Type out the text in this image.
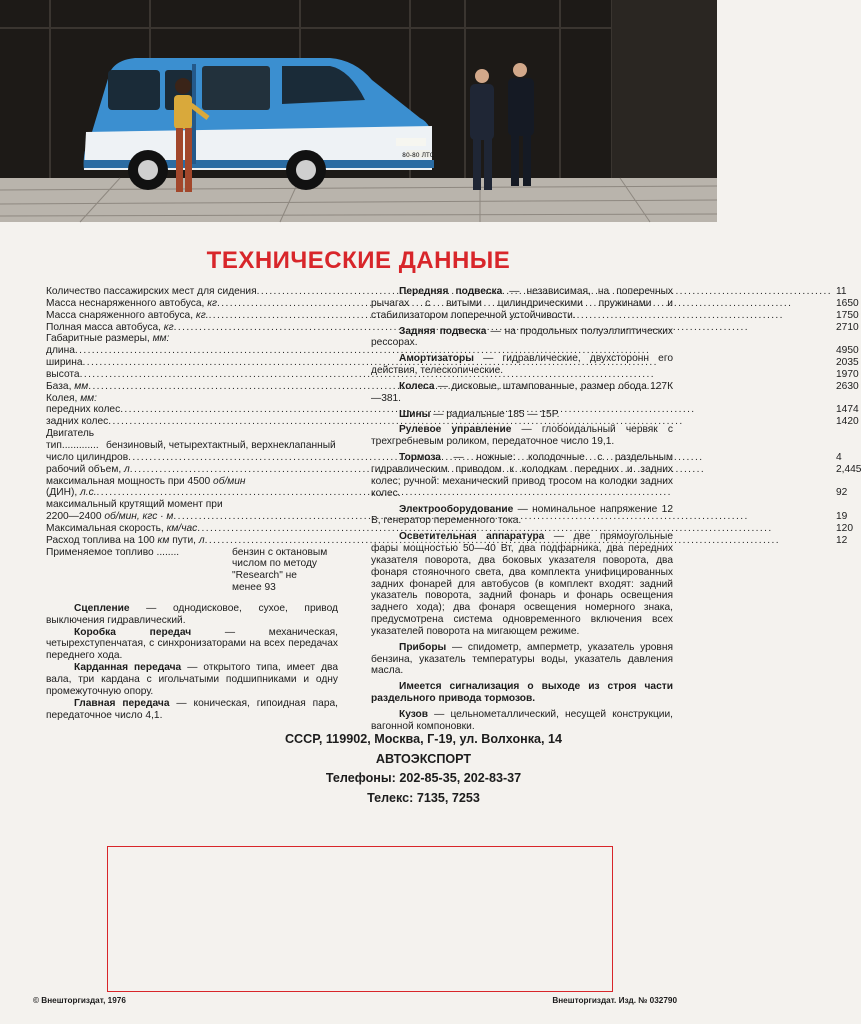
80-80 ЛТС
ТЕХНИЧЕСКИЕ ДАННЫЕ
Количество пассажирских мест для сидения
.....	11

Масса неснаряженного автобуса, кг
.....	1650

Масса снаряженного автобуса, кг.
.....	1750

Полная масса автобуса, кг
.....	2710
Габаритные размеры, мм:	

длина
.....	4950

ширина
.....	2035

высота
.....	1970

База, мм
.....	2630
Колея, мм:	

передних колес
.....	1474

задних колес
.....	1420
Двигатель	

тип............. бензиновый, четырехтактный, верхнеклапанный	

число цилиндров
.....	4

рабочий объем, л
.....	2,445
максимальная мощность при 4500 об/мин	

(ДИН), л.с.
.....	92
максимальный крутящий момент при	

2200—2400 об/мин, кгс · м
.....	19

Максимальная скорость, км/час
.....	120

Расход топлива на 100 км пути, л
.....	12

Применяемое топливо ........ бензин с октановым числом по методу "Research" не менее 93	

Сцепление — однодисковое, сухое, привод выключения гидравлический.

Коробка передач — механическая, четырехступенчатая, с синхронизаторами на всех передачах переднего хода.

Карданная передача — открытого типа, имеет два вала, три кардана с игольчатыми подшипниками и одну промежуточную опору.

Главная передача — коническая, гипоидная пара, передаточное число 4,1.

Передняя подвеска — независимая, на поперечных рычагах с витыми цилиндрическими пружинами и стабилизатором поперечной устойчивости.

Задняя подвеска — на продольных полуэллиптических рессорах.

Амортизаторы — гидравлические, двухсторонн его действия, телескопические.

Колеса — дисковые, штампованные, размер обода 127К—381.

Шины — радиальные 185 — 15Р.

Рулевое управление — глобоидальный червяк с трехгребневым роликом, передаточное число 19,1.

Тормоза — ножные: колодочные с раздельным гидравлическим приводом к колодкам передних и задних колес; ручной: механический привод тросом на колодки задних колес.

Электрооборудование — номинальное напряжение 12 В, генератор переменного тока.

Осветительная аппаратура — две прямоугольные фары мощностью 50—40 Вт, два подфарника, два передних указателя поворота, два боковых указателя поворота, два фонаря стояночного света, два комплекта унифицированных задних фонарей для автобусов (в комплект входят: задний указатель поворота, задний фонарь и фонарь освещения заднего хода); два фонаря освещения номерного знака, предусмотрена система одновременного включения всех указателей поворота на мигающем режиме.

Приборы — спидометр, амперметр, указатель уровня бензина, указатель температуры воды, указатель давления масла.

Имеется сигнализация о выходе из строя части раздельного привода тормозов.

Кузов — цельнометаллический, несущей конструкции, вагонной компоновки.

СССР, 119902, Москва, Г-19, ул. Волхонка, 14
АВТОЭКСПОРТ
Телефоны: 202-85-35, 202-83-37
Телекс: 7135, 7253
© Внешторгиздат, 1976	Внешторгиздат. Изд. № 032790
